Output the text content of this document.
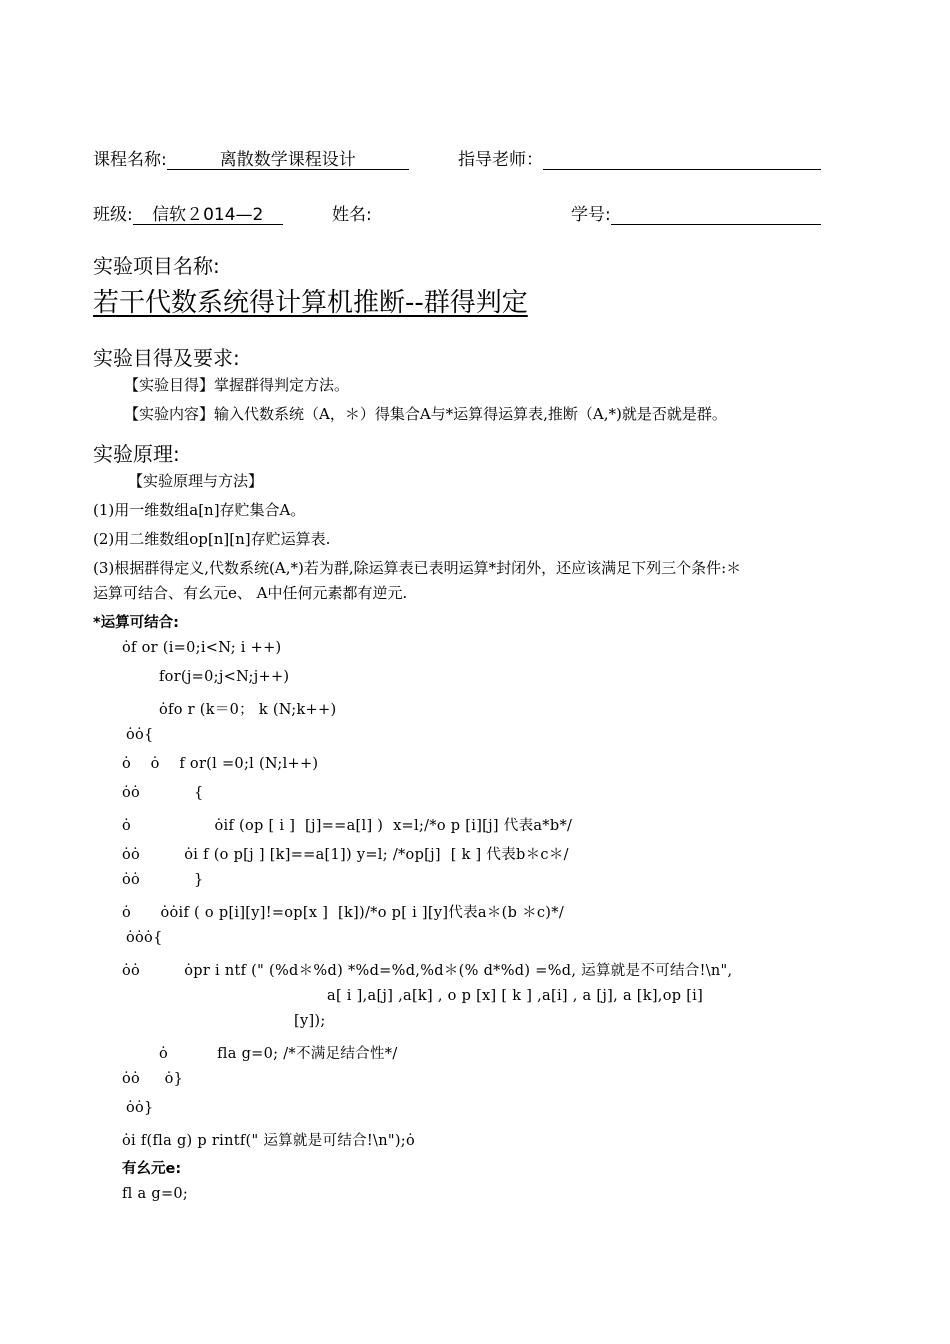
课程名称:	离散数学课程设计	指导老师：
班级: 信软２014—2	姓名:	学号:
实验项目名称:
若干代数系统得计算机推断--群得判定
实验目得及要求:
【实验目得】掌握群得判定方法。
【实验内容】输入代数系统（A，＊）得集合A与*运算得运算表,推断（A,*)就是否就是群。
实验原理:
【实验原理与方法】
(1)用一维数组a[n]存贮集合A。
(2)用二维数组op[n][n]存贮运算表.
(3)根据群得定义,代数系统(A,*)若为群,除运算表已表明运算*封闭外，还应该满足下列三个条件:＊
运算可结合、有幺元e、 A中任何元素都有逆元.
*运算可结合:
ȯf or (i=0;i<N; i ++)
for(j=0;j<N;j++)
ȯfo r (k＝0； k (N;k++)
ȯȯ{
ȯ    ȯ    f or(l =0;l (N;l++)
ȯȯ           {
ȯ                 ȯif (op [ i ]  [j]==a[l] )  x=l;/*o p [i][j] 代表a*b*/
ȯȯ         ȯi f (o p[j ] [k]==a[1]) y=l; /*op[j]  [ k ] 代表b＊c＊/
ȯȯ           }
ȯ      ȯȯif ( o p[i][y]!=op[x ]  [k])/*o p[ i ][y]代表a＊(b ＊c)*/
ȯȯȯ{
ȯȯ         ȯpr i ntf (" (%d＊%d) *%d=%d,%d＊(% d*%d) =%d, 运算就是不可结合!\n",
a[ i ],a[j] ,a[k] , o p [x] [ k ] ,a[i] , a [j], a [k],op [i]
[y]);
ȯ          fla g=0; /*不满足结合性*/
ȯȯ     ȯ}
ȯȯ}
ȯi f(fla g) p rintf(" 运算就是可结合!\n");ȯ
有幺元e:
fl a g=0;
